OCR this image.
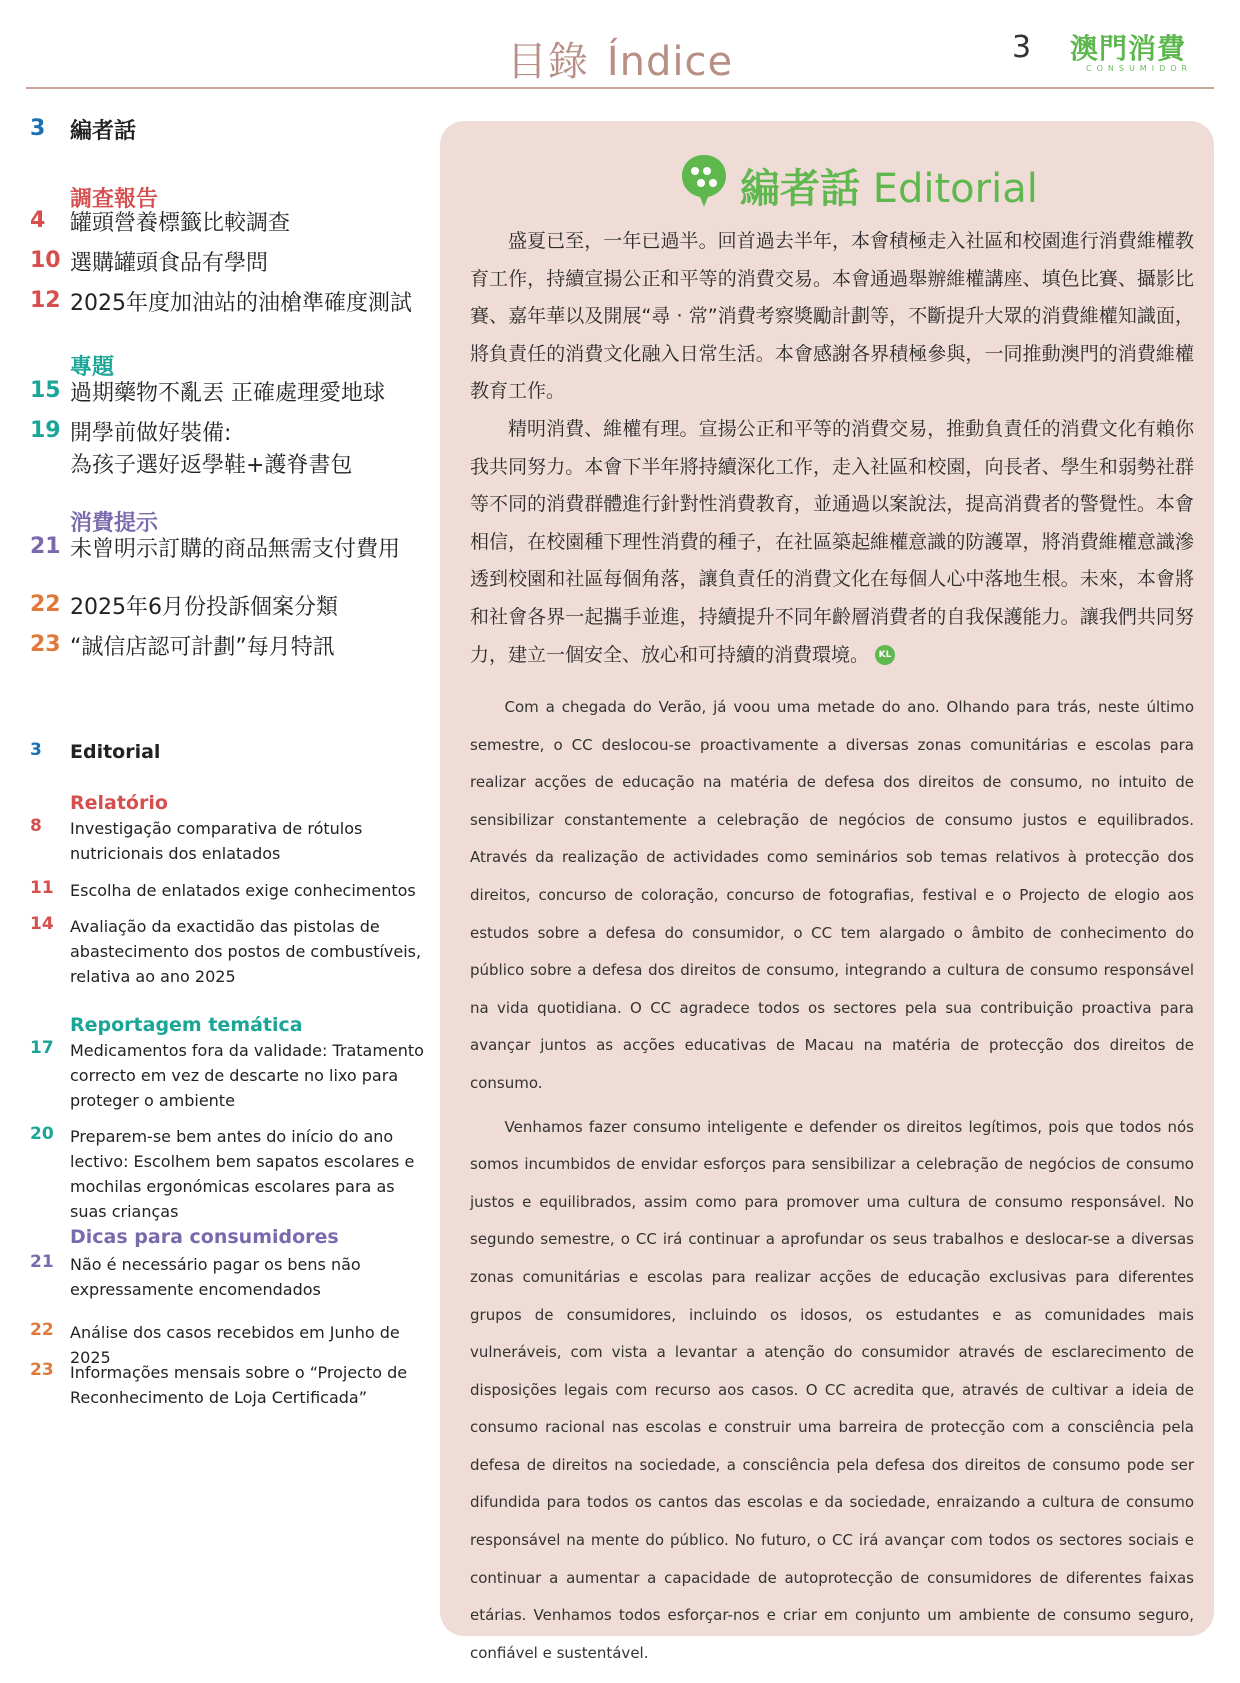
目錄 Índice	3 澳門消費
CONSUMIDOR
3 編者話
調查報告
4 罐頭營養標籤比較調查
10 選購罐頭食品有學問
12 2025年度加油站的油槍準確度測試
專題
15 過期藥物不亂丟 正確處理愛地球
19 開學前做好裝備:
為孩子選好返學鞋+護脊書包
消費提示
21 未曾明示訂購的商品無需支付費用
22 2025年6月份投訴個案分類
23 “誠信店認可計劃”每月特訊
3 Editorial
Relatório
8 Investigação comparativa de rótulos nutricionais dos enlatados
11 Escolha de enlatados exige conhecimentos
14 Avaliação da exactidão das pistolas de abastecimento dos postos de combustíveis, relativa ao ano 2025
Reportagem temática
17 Medicamentos fora da validade: Tratamento correcto em vez de descarte no lixo para proteger o ambiente
20 Preparem-se bem antes do início do ano lectivo: Escolhem bem sapatos escolares e mochilas ergonómicas escolares para as suas crianças
Dicas para consumidores
21 Não é necessário pagar os bens não expressamente encomendados
22 Análise dos casos recebidos em Junho de 2025
23 Informações mensais sobre o “Projecto de Reconhecimento de Loja Certificada”
編者話 Editorial

盛夏已至，一年已過半。回首過去半年，本會積極走入社區和校園進行消費維權教育工作，持續宣揚公正和平等的消費交易。本會通過舉辦維權講座、填色比賽、攝影比賽、嘉年華以及開展“尋 · 常”消費考察獎勵計劃等，不斷提升大眾的消費維權知識面，將負責任的消費文化融入日常生活。本會感謝各界積極參與，一同推動澳門的消費維權教育工作。

精明消費、維權有理。宣揚公正和平等的消費交易，推動負責任的消費文化有賴你我共同努力。本會下半年將持續深化工作，走入社區和校園，向長者、學生和弱勢社群等不同的消費群體進行針對性消費教育，並通過以案說法，提高消費者的警覺性。本會相信，在校園種下理性消費的種子，在社區築起維權意識的防護罩，將消費維權意識滲透到校園和社區每個角落，讓負責任的消費文化在每個人心中落地生根。未來，本會將和社會各界一起攜手並進，持續提升不同年齡層消費者的自我保護能力。讓我們共同努力，建立一個安全、放心和可持續的消費環境。 KL

Com a chegada do Verão, já voou uma metade do ano. Olhando para trás, neste último semestre, o CC deslocou-se proactivamente a diversas zonas comunitárias e escolas para realizar acções de educação na matéria de defesa dos direitos de consumo, no intuito de sensibilizar constantemente a celebração de negócios de consumo justos e equilibrados. Através da realização de actividades como seminários sob temas relativos à protecção dos direitos, concurso de coloração, concurso de fotografias, festival e o Projecto de elogio aos estudos sobre a defesa do consumidor, o CC tem alargado o âmbito de conhecimento do público sobre a defesa dos direitos de consumo, integrando a cultura de consumo responsável na vida quotidiana. O CC agradece todos os sectores pela sua contribuição proactiva para avançar juntos as acções educativas de Macau na matéria de protecção dos direitos de consumo.

Venhamos fazer consumo inteligente e defender os direitos legítimos, pois que todos nós somos incumbidos de envidar esforços para sensibilizar a celebração de negócios de consumo justos e equilibrados, assim como para promover uma cultura de consumo responsável. No segundo semestre, o CC irá continuar a aprofundar os seus trabalhos e deslocar-se a diversas zonas comunitárias e escolas para realizar acções de educação exclusivas para diferentes grupos de consumidores, incluindo os idosos, os estudantes e as comunidades mais vulneráveis, com vista a levantar a atenção do consumidor através de esclarecimento de disposições legais com recurso aos casos. O CC acredita que, através de cultivar a ideia de consumo racional nas escolas e construir uma barreira de protecção com a consciência pela defesa de direitos na sociedade, a consciência pela defesa dos direitos de consumo pode ser difundida para todos os cantos das escolas e da sociedade, enraizando a cultura de consumo responsável na mente do público. No futuro, o CC irá avançar com todos os sectores sociais e continuar a aumentar a capacidade de autoprotecção de consumidores de diferentes faixas etárias. Venhamos todos esforçar-nos e criar em conjunto um ambiente de consumo seguro, confiável e sustentável.
